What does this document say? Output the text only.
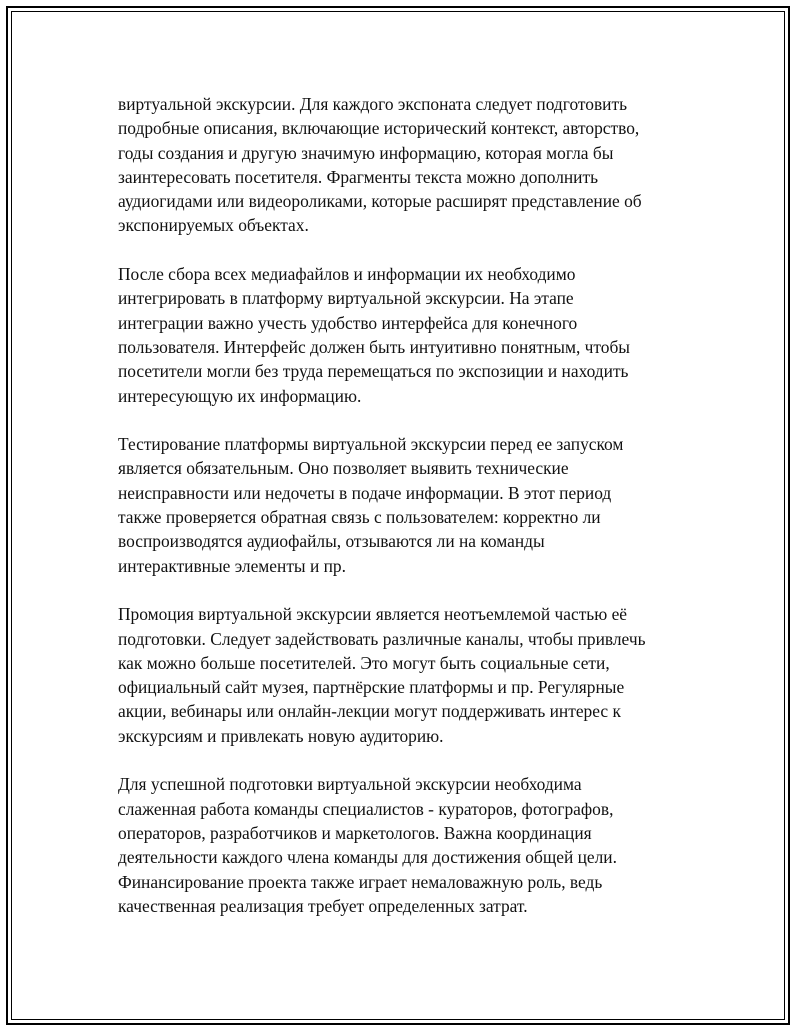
виртуальной экскурсии. Для каждого экспоната следует подготовить
подробные описания, включающие исторический контекст, авторство,
годы создания и другую значимую информацию, которая могла бы
заинтересовать посетителя. Фрагменты текста можно дополнить
аудиогидами или видеороликами, которые расширят представление об
экспонируемых объектах.

После сбора всех медиафайлов и информации их необходимо
интегрировать в платформу виртуальной экскурсии. На этапе
интеграции важно учесть удобство интерфейса для конечного
пользователя. Интерфейс должен быть интуитивно понятным, чтобы
посетители могли без труда перемещаться по экспозиции и находить
интересующую их информацию.

Тестирование платформы виртуальной экскурсии перед ее запуском
является обязательным. Оно позволяет выявить технические
неисправности или недочеты в подаче информации. В этот период
также проверяется обратная связь с пользователем: корректно ли
воспроизводятся аудиофайлы, отзываются ли на команды
интерактивные элементы и пр.

Промоция виртуальной экскурсии является неотъемлемой частью её
подготовки. Следует задействовать различные каналы, чтобы привлечь
как можно больше посетителей. Это могут быть социальные сети,
официальный сайт музея, партнёрские платформы и пр. Регулярные
акции, вебинары или онлайн-лекции могут поддерживать интерес к
экскурсиям и привлекать новую аудиторию.

Для успешной подготовки виртуальной экскурсии необходима
слаженная работа команды специалистов - кураторов, фотографов,
операторов, разработчиков и маркетологов. Важна координация
деятельности каждого члена команды для достижения общей цели.
Финансирование проекта также играет немаловажную роль, ведь
качественная реализация требует определенных затрат.
